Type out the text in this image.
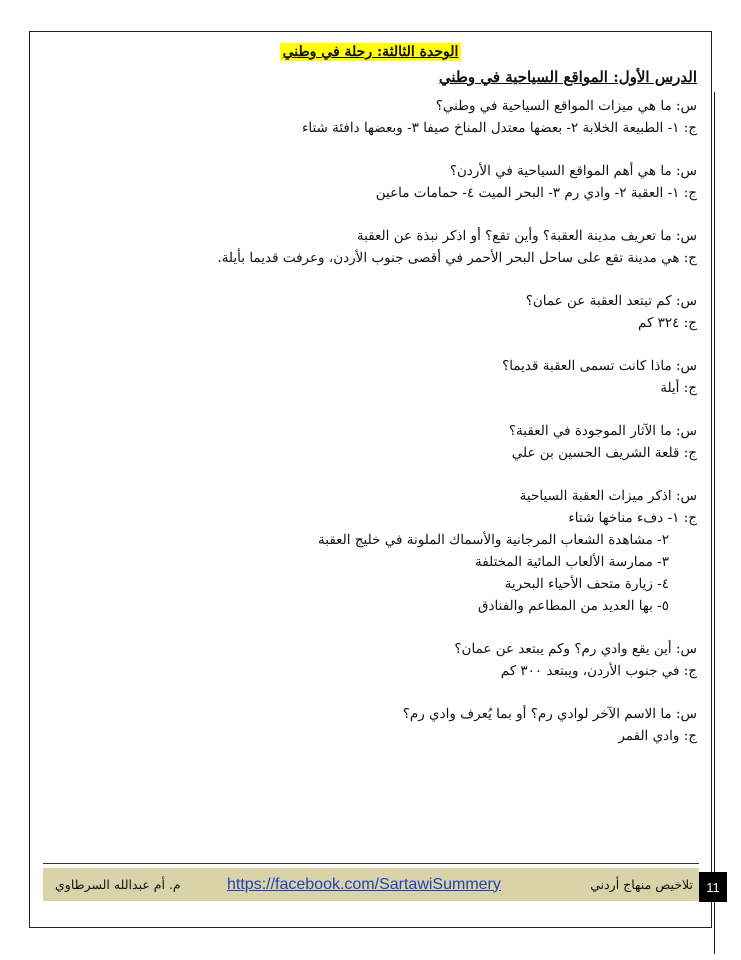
الوحدة الثالثة: رحلة في وطني
الدرس الأول: المواقع السياحية في وطني
س: ما هي ميزات المواقع السياحية في وطني؟
ج: ١- الطبيعة الخلابة ٢- بعضها معتدل المناخ صيفا ٣- وبعضها دافئة شتاء
س: ما هي أهم المواقع السياحية في الأردن؟
ج: ١- العقبة ٢- وادي رم ٣- البحر الميت ٤- حمامات ماعين
س: ما تعريف مدينة العقبة؟ وأين تقع؟ أو اذكر نبذة عن العقبة
ج: هي مدينة تقع على ساحل البحر الأحمر في أقصى جنوب الأردن، وعرفت قديما بأيلة.
س: كم تبتعد العقبة عن عمان؟
ج: ٣٢٤ كم
س: ماذا كانت تسمى العقبة قديما؟
ج: أيلة
س: ما الآثار الموجودة في العقبة؟
ج: قلعة الشريف الحسين بن علي
س: اذكر ميزات العقبة السياحية
ج: ١- دفء مناخها شتاء
٢- مشاهدة الشعاب المرجانية والأسماك الملونة في خليج العقبة
٣- ممارسة الألعاب المائية المختلفة
٤- زيارة متحف الأحياء البحرية
٥- بها العديد من المطاعم والفنادق
س: أين يقع وادي رم؟ وكم يبتعد عن عمان؟
ج: في جنوب الأردن، ويبتعد ٣٠٠ كم
س: ما الاسم الآخر لوادي رم؟ أو بما يُعرف وادي رم؟
ج: وادي القمر
م. أم عبدالله السرطاوي	https://facebook.com/SartawiSummery	تلاخيص منهاج أردني	11
